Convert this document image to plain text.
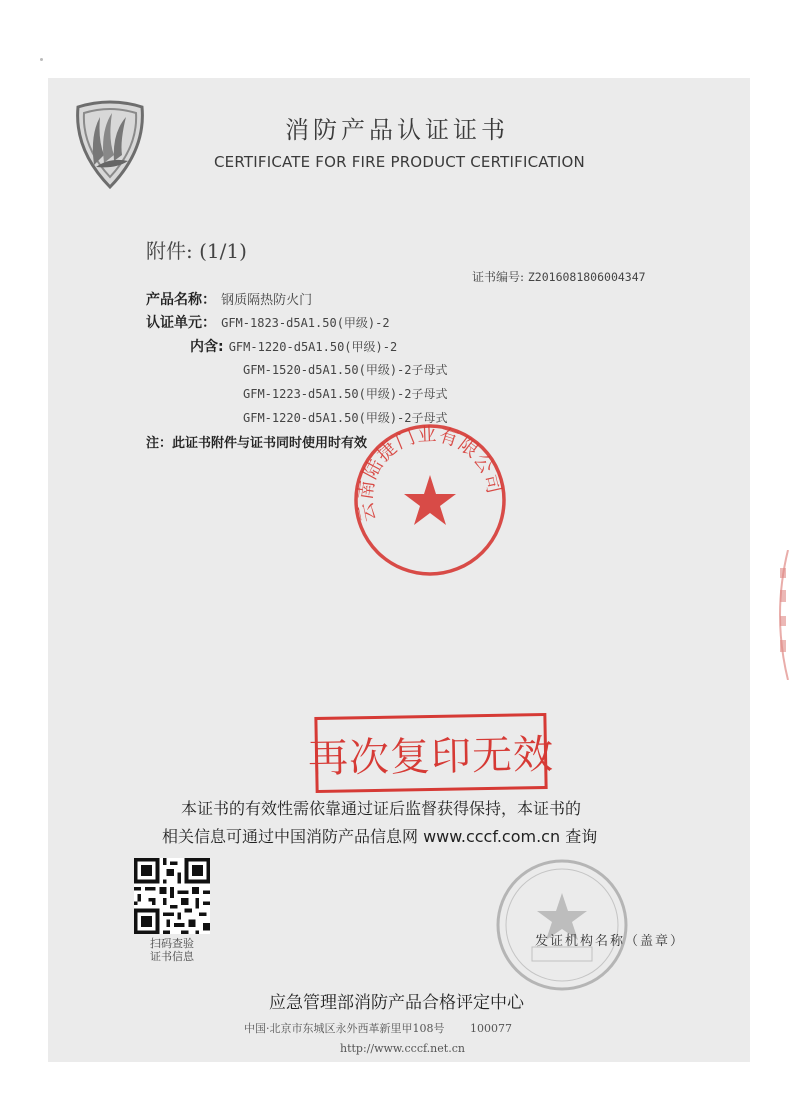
消防产品认证证书
CERTIFICATE FOR FIRE PRODUCT CERTIFICATION
附件: (1/1)
证书编号: Z2016081806004347
产品名称： 钢质隔热防火门
认证单元： GFM-1823-d5A1.50(甲级)-2
内含: GFM-1220-d5A1.50(甲级)-2
GFM-1520-d5A1.50(甲级)-2子母式
GFM-1223-d5A1.50(甲级)-2子母式
GFM-1220-d5A1.50(甲级)-2子母式
注：此证书附件与证书同时使用时有效
云南陆捷门业有限公司
再次复印无效
本证书的有效性需依靠通过证后监督获得保持，本证书的
相关信息可通过中国消防产品信息网 www.cccf.com.cn 查询
扫码查验
证书信息
发证机构名称（盖章）
应急管理部消防产品合格评定中心
中国·北京市东城区永外西革新里甲108号 100077
http://www.cccf.net.cn
